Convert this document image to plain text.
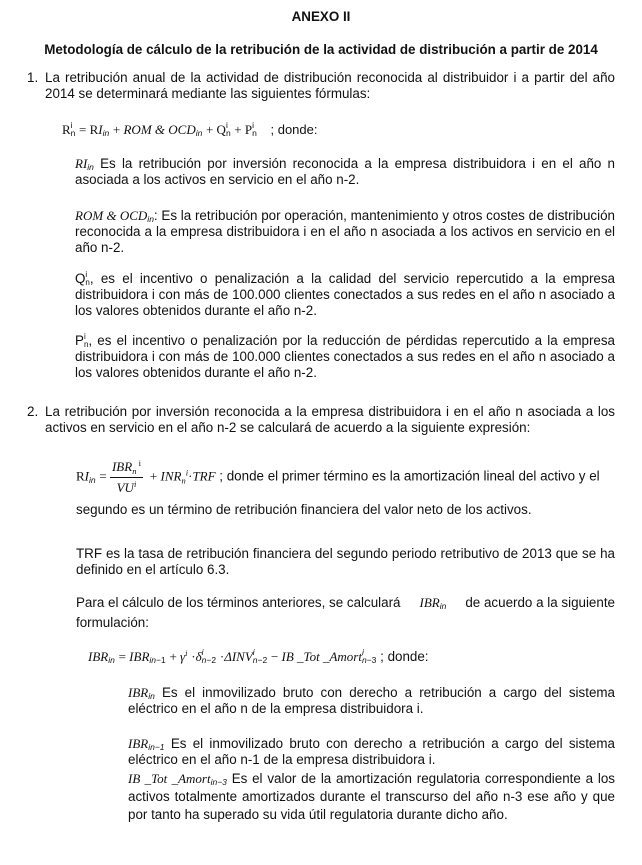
ANEXO II
Metodología de cálculo de la retribución de la actividad de distribución a partir de 2014
1. La retribución anual de la actividad de distribución reconocida al distribuidor i a partir del año 2014 se determinará mediante las siguientes fórmulas:

R i
n = RIin + ROM & OCDin + Q i
n + P i
n ; donde:
RIin Es la retribución por inversión reconocida a la empresa distribuidora i en el año n asociada a los activos en servicio en el año n-2.
ROM & OCDin: Es la retribución por operación, mantenimiento y otros costes de distribución reconocida a la empresa distribuidora i en el año n asociada a los activos en servicio en el año n-2.
Q i
n , es el incentivo o penalización a la calidad del servicio repercutido a la empresa distribuidora i con más de 100.000 clientes conectados a sus redes en el año n asociado a los valores obtenidos durante el año n-2.
P i
n , es el incentivo o penalización por la reducción de pérdidas repercutido a la empresa distribuidora i con más de 100.000 clientes conectados a sus redes en el año n asociado a los valores obtenidos durante el año n-2.
2. La retribución por inversión reconocida a la empresa distribuidora i en el año n asociada a los activos en servicio en el año n-2 se calculará de acuerdo a la siguiente expresión:

RIin = $\frac{IBR_n ^i}{VU^i} + INR_n^i\cdot TRF$ ; donde el primer término es la amortización lineal del activo y el
segundo es un término de retribución financiera del valor neto de los activos.
TRF es la tasa de retribución financiera del segundo periodo retributivo de 2013 que se ha definido en el artículo 6.3.
Para el cálculo de los términos anteriores, se calculará IBRin de acuerdo a la siguiente
formulación:
IBRin = IBRin−1 + $\gamma^i \cdot\delta i$
n−2 ·ΔINVi
n−2 − IB _Tot _Amorti
n−3 ; donde:
IBRin Es el inmovilizado bruto con derecho a retribución a cargo del sistema eléctrico en el año n de la empresa distribuidora i.
IBRin−1 Es el inmovilizado bruto con derecho a retribución a cargo del sistema eléctrico en el año n-1 de la empresa distribuidora i.
IB _Tot _Amortin−3 Es el valor de la amortización regulatoria correspondiente a los activos totalmente amortizados durante el transcurso del año n-3 ese año y que por tanto ha superado su vida útil regulatoria durante dicho año.
